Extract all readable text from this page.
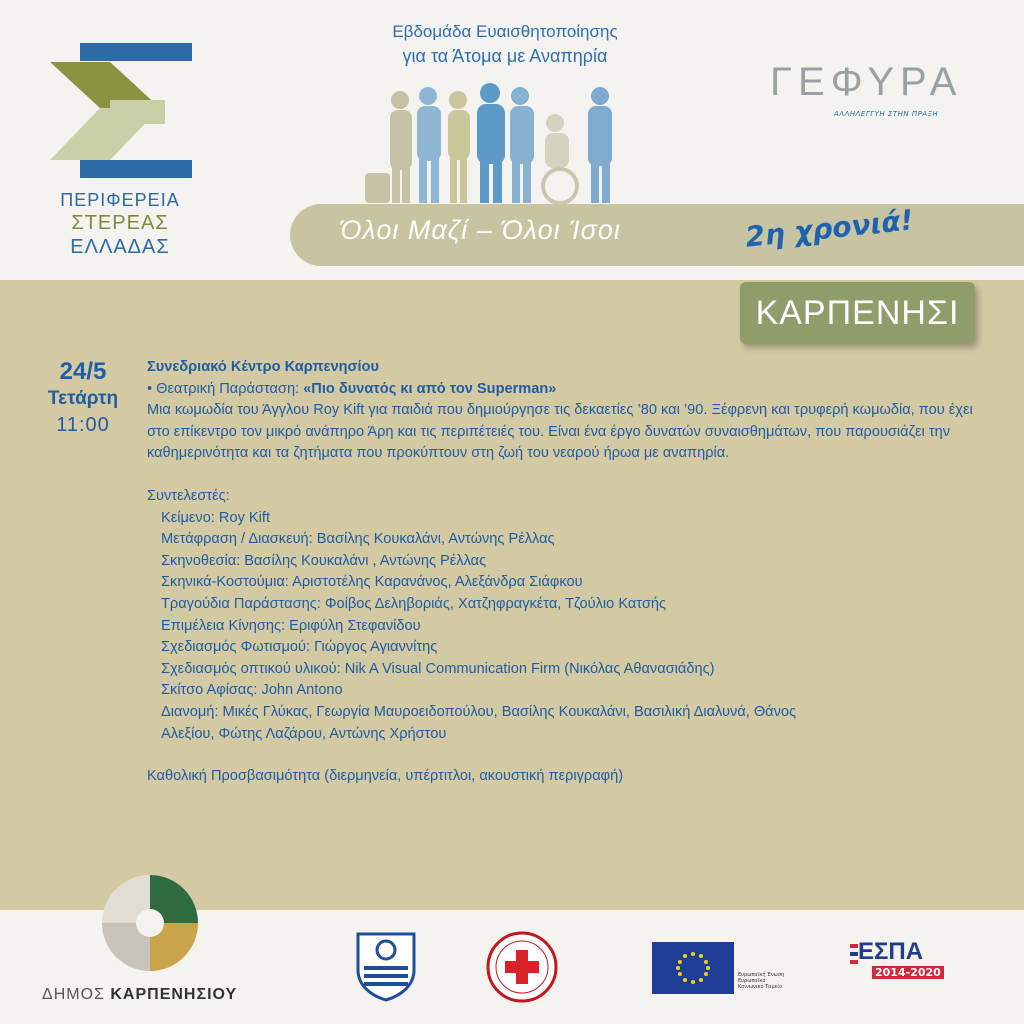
ΠΕΡΙΦΕΡΕΙΑ
ΣΤΕΡΕΑΣ
ΕΛΛΑΔΑΣ
Εβδομάδα Ευαισθητοποίησης
για τα Άτομα με Αναπηρία
ΓΕΦΥΡΑ
ΑΛΛΗΛΕΓΓΥΗ ΣΤΗΝ ΠΡΑΞΗ
Όλοι Μαζί – Όλοι Ίσοι	2η χρονιά!
ΚΑΡΠΕΝΗΣΙ
24/5
Τετάρτη
11:00
Συνεδριακό Κέντρο Καρπενησίου
• Θεατρική Παράσταση: «Πιο δυνατός κι από τον Superman»
Μια κωμωδία του Άγγλου Roy Kift για παιδιά που δημιούργησε τις δεκαετίες ’80 και ’90. Ξέφρενη και τρυφερή κωμωδία, που έχει στο επίκεντρο τον μικρό ανάπηρο Άρη και τις περιπέτειές του. Είναι ένα έργο δυνατών συναισθημάτων, που παρουσιάζει την καθημερινότητα και τα ζητήματα που προκύπτουν στη ζωή του νεαρού ήρωα με αναπηρία.
Συντελεστές:
Κείμενο: Roy Kift
Μετάφραση / Διασκευή: Βασίλης Κουκαλάνι, Αντώνης Ρέλλας
Σκηνοθεσία: Βασίλης Κουκαλάνι , Αντώνης Ρέλλας
Σκηνικά-Κοστούμια: Αριστοτέλης Καρανάνος, Αλεξάνδρα Σιάφκου
Τραγούδια Παράστασης: Φοίβος Δεληβοριάς, Χατζηφραγκέτα, Τζούλιο Κατσής
Επιμέλεια Κίνησης: Εριφύλη Στεφανίδου
Σχεδιασμός Φωτισμού: Γιώργος Αγιαννίτης
Σχεδιασμός οπτικού υλικού: Nik A Visual Communication Firm (Νικόλας Αθανασιάδης)
Σκίτσο Αφίσας: John Antono
Διανομή: Μικές Γλύκας, Γεωργία Μαυροειδοπούλου, Βασίλης Κουκαλάνι, Βασιλική Διαλυνά, Θάνος
Αλεξίου, Φώτης Λαζάρου, Αντώνης Χρήστου
Καθολική Προσβασιμότητα (διερμηνεία, υπέρτιτλοι, ακουστική περιγραφή)
ΔΗΜΟΣ ΚΑΡΠΕΝΗΣΙΟΥ
Ευρωπαϊκή Ένωση Ευρωπαϊκό Κοινωνικό Ταμείο
ΕΣΠΑ
2014-2020
